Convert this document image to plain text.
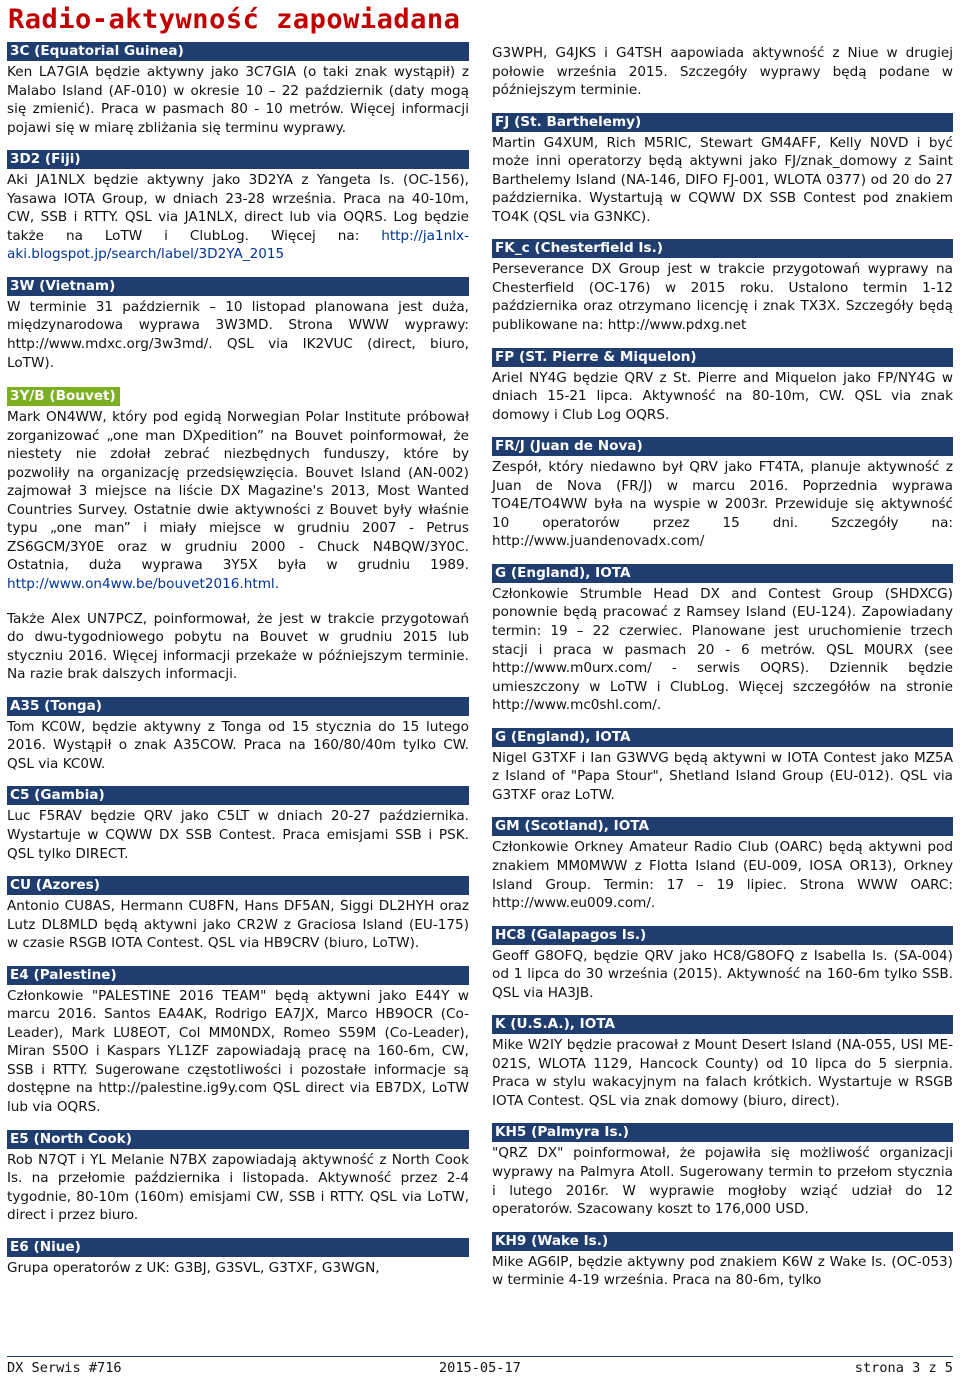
Radio-aktywność zapowiadana
3C (Equatorial Guinea)

Ken LA7GIA będzie aktywny jako 3C7GIA (o taki znak wystąpił) z Malabo Island (AF-010) w okresie 10 – 22 październik (daty mogą się zmienić). Praca w pasmach 80 - 10 metrów. Więcej informacji pojawi się w miarę zbliżania się terminu wyprawy.

3D2 (Fiji)

Aki JA1NLX będzie aktywny jako 3D2YA z Yangeta Is. (OC-156), Yasawa IOTA Group, w dniach 23-28 września. Praca na 40-10m, CW, SSB i RTTY. QSL via JA1NLX, direct lub via OQRS. Log będzie także na LoTW i ClubLog. Więcej na: http://ja1nlx-aki.blogspot.jp/search/label/3D2YA_2015

3W (Vietnam)

W terminie 31 październik – 10 listopad planowana jest duża, międzynarodowa wyprawa 3W3MD. Strona WWW wyprawy: http://www.mdxc.org/3w3md/. QSL via IK2VUC (direct, biuro, LoTW).

3Y/B (Bouvet)

Mark ON4WW, który pod egidą Norwegian Polar Institute próbował zorganizować „one man DXpedition” na Bouvet poinformował, że niestety nie zdołał zebrać niezbędnych funduszy, które by pozwoliły na organizację przedsięwzięcia. Bouvet Island (AN-002) zajmował 3 miejsce na liście DX Magazine's 2013, Most Wanted Countries Survey. Ostatnie dwie aktywności z Bouvet były właśnie typu „one man” i miały miejsce w grudniu 2007 - Petrus ZS6GCM/3Y0E oraz w grudniu 2000 - Chuck N4BQW/3Y0C. Ostatnia, duża wyprawa 3Y5X była w grudniu 1989. http://www.on4ww.be/bouvet2016.html.

Także Alex UN7PCZ, poinformował, że jest w trakcie przygotowań do dwu-tygodniowego pobytu na Bouvet w grudniu 2015 lub styczniu 2016. Więcej informacji przekaże w późniejszym terminie. Na razie brak dalszych informacji.

A35 (Tonga)

Tom KC0W, będzie aktywny z Tonga od 15 stycznia do 15 lutego 2016. Wystąpił o znak A35COW. Praca na 160/80/40m tylko CW. QSL via KC0W.

C5 (Gambia)

Luc F5RAV będzie QRV jako C5LT w dniach 20-27 października. Wystartuje w CQWW DX SSB Contest. Praca emisjami SSB i PSK. QSL tylko DIRECT.

CU (Azores)

Antonio CU8AS, Hermann CU8FN, Hans DF5AN, Siggi DL2HYH oraz Lutz DL8MLD będą aktywni jako CR2W z Graciosa Island (EU-175) w czasie RSGB IOTA Contest. QSL via HB9CRV (biuro, LoTW).

E4 (Palestine)

Członkowie "PALESTINE 2016 TEAM" będą aktywni jako E44Y w marcu 2016. Santos EA4AK, Rodrigo EA7JX, Marco HB9OCR (Co-Leader), Mark LU8EOT, Col MM0NDX, Romeo S59M (Co-Leader), Miran S50O i Kaspars YL1ZF zapowiadają pracę na 160-6m, CW, SSB i RTTY. Sugerowane częstotliwości i pozostałe informacje są dostępne na http://palestine.ig9y.com QSL direct via EB7DX, LoTW lub via OQRS.

E5 (North Cook)

Rob N7QT i YL Melanie N7BX zapowiadają aktywność z North Cook Is. na przełomie października i listopada. Aktywność przez 2-4 tygodnie, 80-10m (160m) emisjami CW, SSB i RTTY. QSL via LoTW, direct i przez biuro.

E6 (Niue)

Grupa operatorów z UK: G3BJ, G3SVL, G3TXF, G3WGN,

G3WPH, G4JKS i G4TSH aapowiada aktywność z Niue w drugiej połowie września 2015. Szczegóły wyprawy będą podane w późniejszym terminie.

FJ (St. Barthelemy)

Martin G4XUM, Rich M5RIC, Stewart GM4AFF, Kelly N0VD i być może inni operatorzy będą aktywni jako FJ/znak_domowy z Saint Barthelemy Island (NA-146, DIFO FJ-001, WLOTA 0377) od 20 do 27 października. Wystartują w CQWW DX SSB Contest pod znakiem TO4K (QSL via G3NKC).

FK_c (Chesterfield Is.)

Perseverance DX Group jest w trakcie przygotowań wyprawy na Chesterfield (OC-176) w 2015 roku. Ustalono termin 1-12 października oraz otrzymano licencję i znak TX3X. Szczegóły będą publikowane na: http://www.pdxg.net

FP (ST. Pierre & Miquelon)

Ariel NY4G będzie QRV z St. Pierre and Miquelon jako FP/NY4G w dniach 15-21 lipca. Aktywność na 80-10m, CW. QSL via znak domowy i Club Log OQRS.

FR/J (Juan de Nova)

Zespół, który niedawno był QRV jako FT4TA, planuje aktywność z Juan de Nova (FR/J) w marcu 2016. Poprzednia wyprawa TO4E/TO4WW była na wyspie w 2003r. Przewiduje się aktywność 10 operatorów przez 15 dni. Szczegóły na: http://www.juandenovadx.com/

G (England), IOTA

Członkowie Strumble Head DX and Contest Group (SHDXCG) ponownie będą pracować z Ramsey Island (EU-124). Zapowiadany termin: 19 – 22 czerwiec. Planowane jest uruchomienie trzech stacji i praca w pasmach 20 - 6 metrów. QSL M0URX (see http://www.m0urx.com/ - serwis OQRS). Dziennik będzie umieszczony w LoTW i ClubLog. Więcej szczegółów na stronie http://www.mc0shl.com/.

G (England), IOTA

Nigel G3TXF i Ian G3WVG będą aktywni w IOTA Contest jako MZ5A z Island of "Papa Stour", Shetland Island Group (EU-012). QSL via G3TXF oraz LoTW.

GM (Scotland), IOTA

Członkowie Orkney Amateur Radio Club (OARC) będą aktywni pod znakiem MM0MWW z Flotta Island (EU-009, IOSA OR13), Orkney Island Group. Termin: 17 – 19 lipiec. Strona WWW OARC: http://www.eu009.com/.

HC8 (Galapagos Is.)

Geoff G8OFQ, będzie QRV jako HC8/G8OFQ z Isabella Is. (SA-004) od 1 lipca do 30 września (2015). Aktywność na 160-6m tylko SSB. QSL via HA3JB.

K (U.S.A.), IOTA

Mike W2IY będzie pracował z Mount Desert Island (NA-055, USI ME-021S, WLOTA 1129, Hancock County) od 10 lipca do 5 sierpnia. Praca w stylu wakacyjnym na falach krótkich. Wystartuje w RSGB IOTA Contest. QSL via znak domowy (biuro, direct).

KH5 (Palmyra Is.)

"QRZ DX" poinformował, że pojawiła się możliwość organizacji wyprawy na Palmyra Atoll. Sugerowany termin to przełom stycznia i lutego 2016r. W wyprawie mogłoby wziąć udział do 12 operatorów. Szacowany koszt to 176,000 USD.

KH9 (Wake Is.)

Mike AG6IP, będzie aktywny pod znakiem K6W z Wake Is. (OC-053) w terminie 4-19 września. Praca na 80-6m, tylko

DX Serwis #716	2015-05-17	strona 3 z 5
